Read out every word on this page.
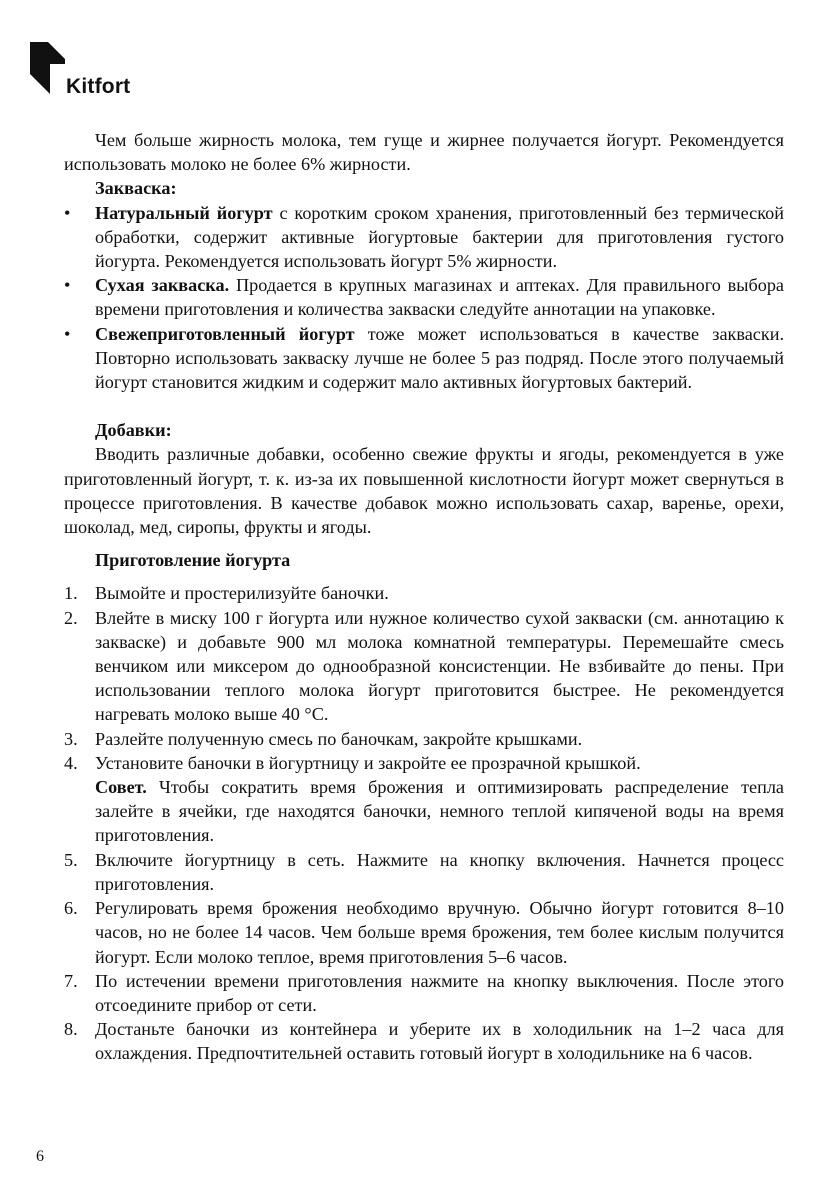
Kitfort

Чем больше жирность молока, тем гуще и жирнее получается йогурт. Рекомендуется использовать молоко не более 6% жирности.

Закваска:

• Натуральный йогурт с коротким сроком хранения, приготовленный без термической обработки, содержит активные йогуртовые бактерии для приготовления густого йогурта. Рекомендуется использовать йогурт 5% жирности.
• Сухая закваска. Продается в крупных магазинах и аптеках. Для правильного выбора времени приготовления и количества закваски следуйте аннотации на упаковке.
• Свежеприготовленный йогурт тоже может использоваться в качестве закваски. Повторно использовать закваску лучше не более 5 раз подряд. После этого получаемый йогурт становится жидким и содержит мало активных йогуртовых бактерий.

Добавки:

Вводить различные добавки, особенно свежие фрукты и ягоды, рекомендуется в уже приготовленный йогурт, т. к. из-за их повышенной кислотности йогурт может свернуться в процессе приготовления. В качестве добавок можно использовать сахар, варенье, орехи, шоколад, мед, сиропы, фрукты и ягоды.

Приготовление йогурта

1. Вымойте и простерилизуйте баночки.
2. Влейте в миску 100 г йогурта или нужное количество сухой закваски (см. аннотацию к закваске) и добавьте 900 мл молока комнатной температуры. Перемешайте смесь венчиком или миксером до однообразной консистенции. Не взбивайте до пены. При использовании теплого молока йогурт приготовится быстрее. Не рекомендуется нагревать молоко выше 40 °С.
3. Разлейте полученную смесь по баночкам, закройте крышками.
4. Установите баночки в йогуртницу и закройте ее прозрачной крышкой.
Совет. Чтобы сократить время брожения и оптимизировать распределение тепла залейте в ячейки, где находятся баночки, немного теплой кипяченой воды на время приготовления.
5. Включите йогуртницу в сеть. Нажмите на кнопку включения. Начнется процесс приготовления.
6. Регулировать время брожения необходимо вручную. Обычно йогурт готовится 8–10 часов, но не более 14 часов. Чем больше время брожения, тем более кислым получится йогурт. Если молоко теплое, время приготовления 5–6 часов.
7. По истечении времени приготовления нажмите на кнопку выключения. После этого отсоедините прибор от сети.
8. Достаньте баночки из контейнера и уберите их в холодильник на 1–2 часа для охлаждения. Предпочтительней оставить готовый йогурт в холодильнике на 6 часов.
6
